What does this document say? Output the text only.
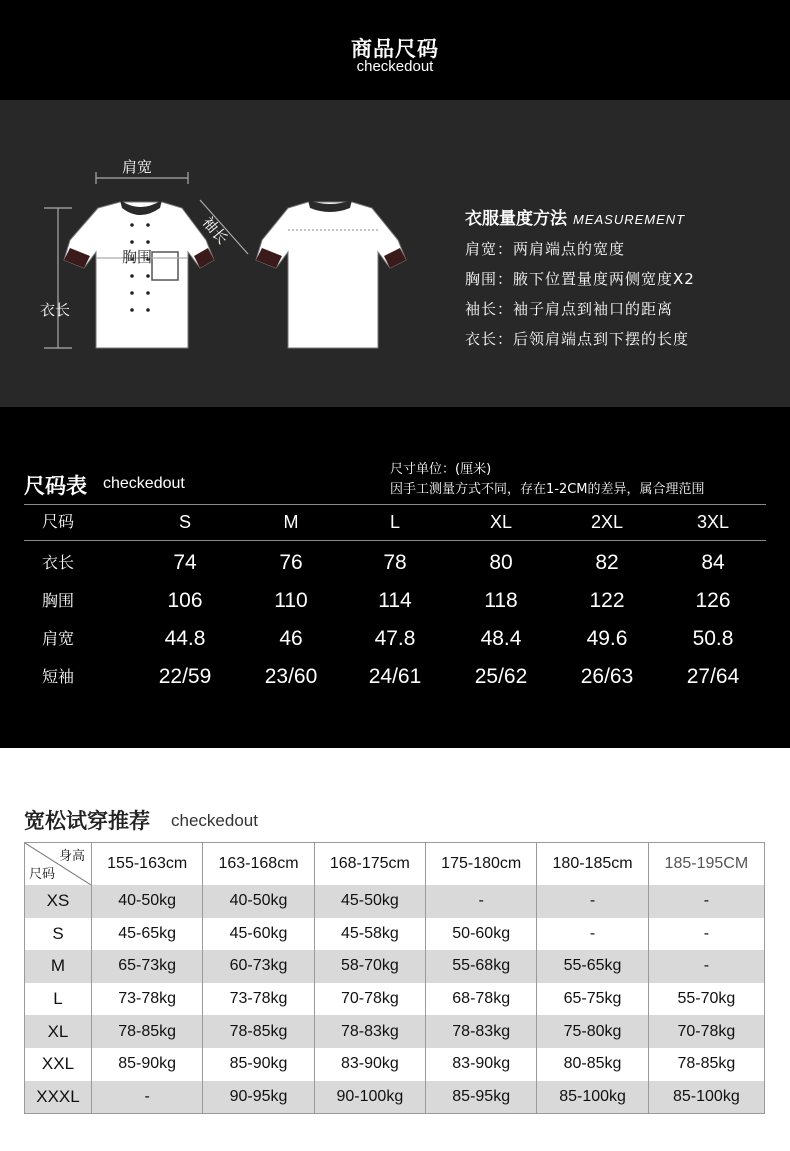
商品尺码
checkedout
肩宽
袖长
胸围
衣长
衣服量度方法 MEASUREMENT
肩宽：两肩端点的宽度
胸围：腋下位置量度两侧宽度X2
袖长：袖子肩点到袖口的距离
衣长：后领肩端点到下摆的长度
尺码表 checkedout
尺寸单位：(厘米)
因手工测量方式不同，存在1-2CM的差异，属合理范围
尺码	S	M	L	XL	2XL	3XL
衣长	74	76	78	80	82	84
胸围	106	110	114	118	122	126
肩宽	44.8	46	47.8	48.4	49.6	50.8
短袖	22/59	23/60	24/61	25/62	26/63	27/64
宽松试穿推荐 checkedout
身高
尺码	155-163cm	163-168cm	168-175cm	175-180cm	180-185cm	185-195CM
XS	40-50kg	40-50kg	45-50kg	-	-	-
S	45-65kg	45-60kg	45-58kg	50-60kg	-	-
M	65-73kg	60-73kg	58-70kg	55-68kg	55-65kg	-
L	73-78kg	73-78kg	70-78kg	68-78kg	65-75kg	55-70kg
XL	78-85kg	78-85kg	78-83kg	78-83kg	75-80kg	70-78kg
XXL	85-90kg	85-90kg	83-90kg	83-90kg	80-85kg	78-85kg
XXXL	-	90-95kg	90-100kg	85-95kg	85-100kg	85-100kg
